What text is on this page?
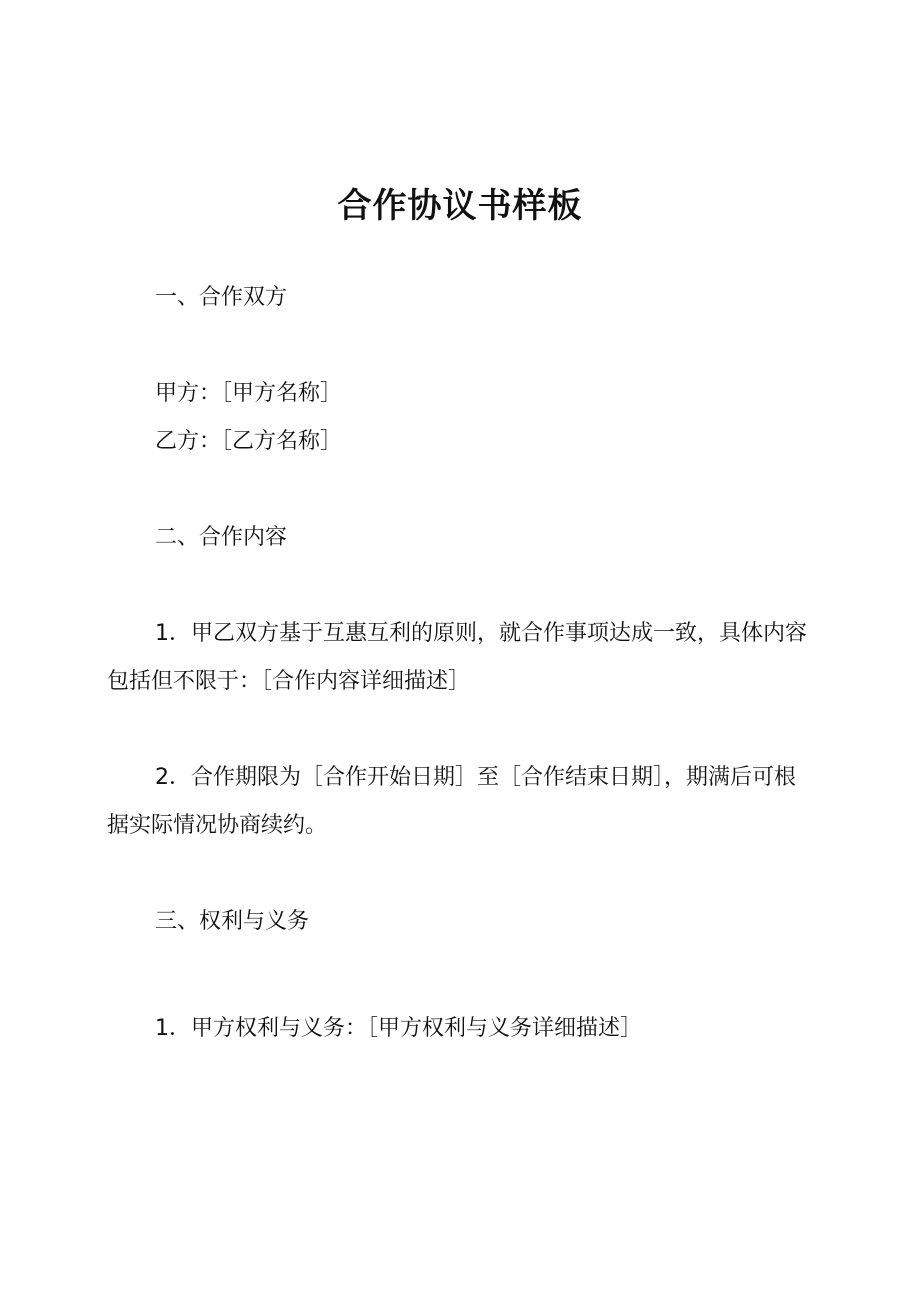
合作协议书样板

一、合作双方

甲方：［甲方名称］

乙方：［乙方名称］

二、合作内容

1．甲乙双方基于互惠互利的原则，就合作事项达成一致，具体内容包括但不限于：［合作内容详细描述］

2．合作期限为［合作开始日期］至［合作结束日期］，期满后可根据实际情况协商续约。

三、权利与义务

1．甲方权利与义务：［甲方权利与义务详细描述］
